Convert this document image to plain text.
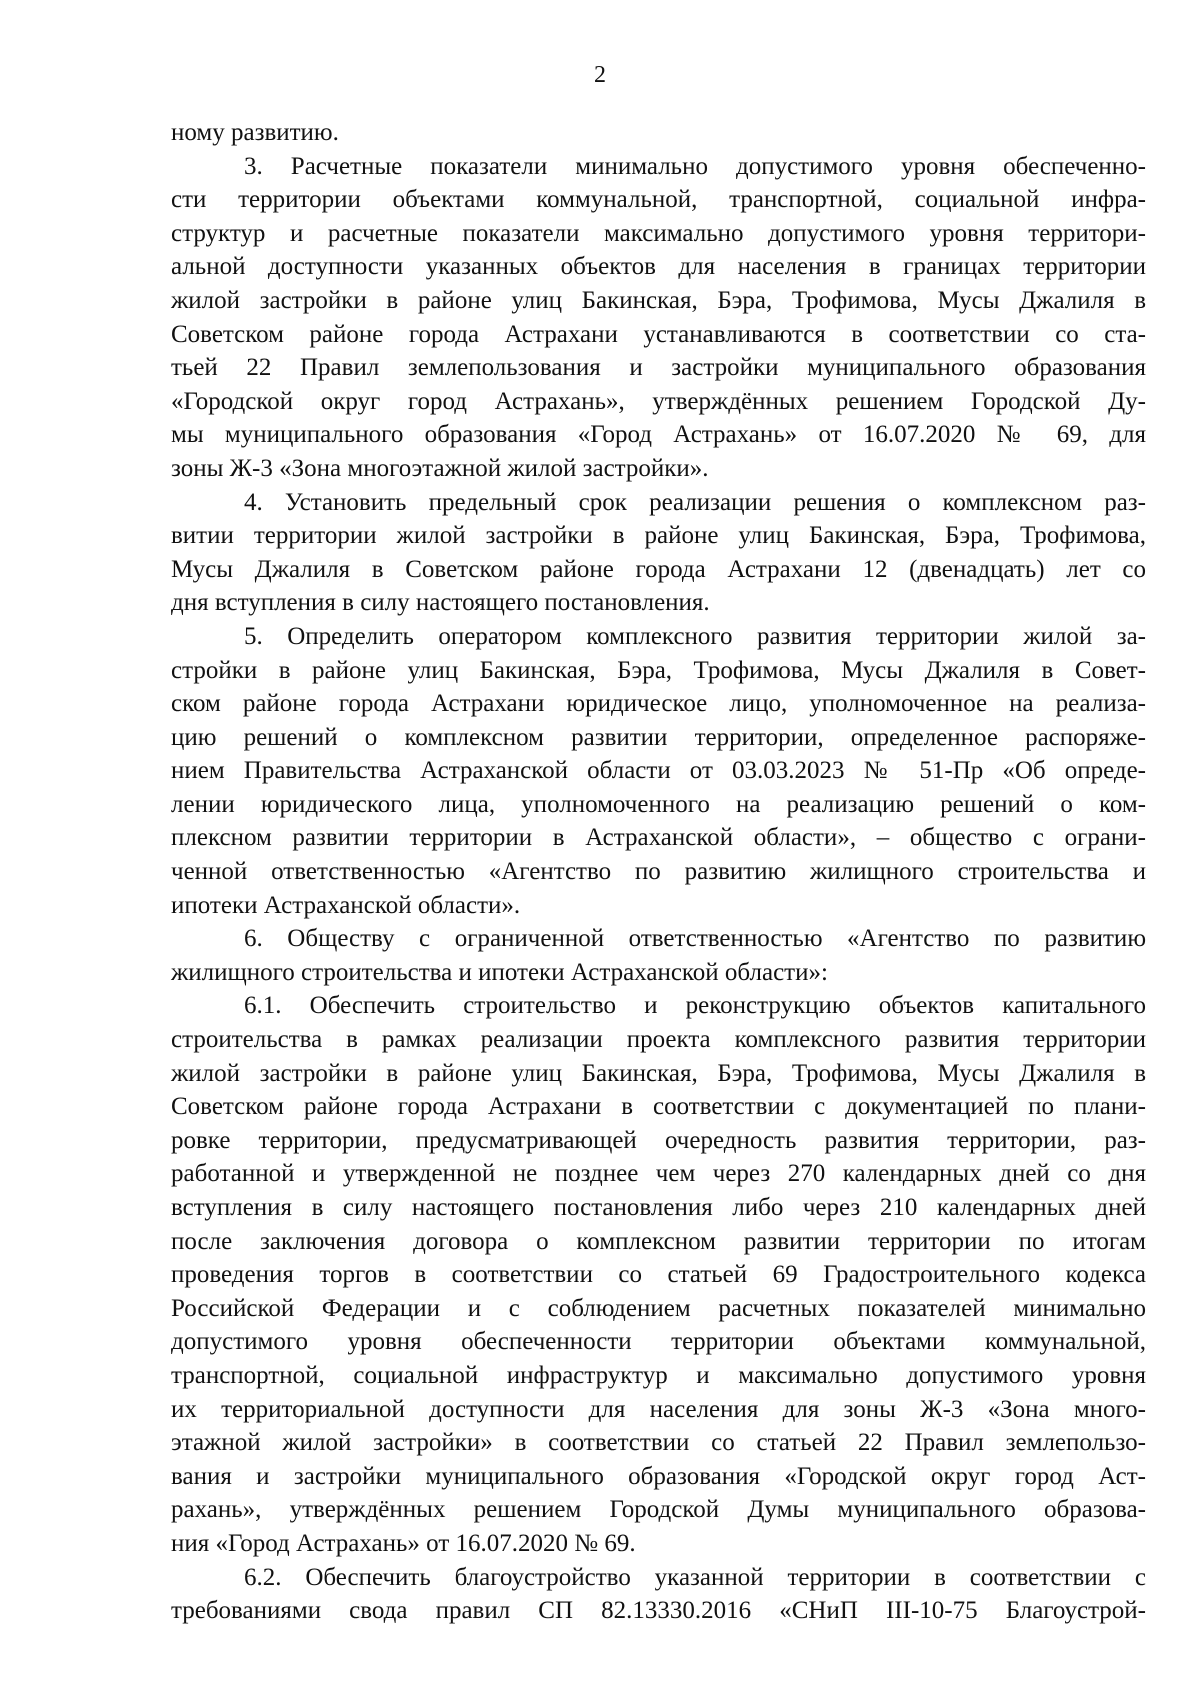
2
ному развитию.
3. Расчетные показатели минимально допустимого уровня обеспеченно-
сти территории объектами коммунальной, транспортной, социальной инфра-
структур и расчетные показатели максимально допустимого уровня территори-
альной доступности указанных объектов для населения в границах территории
жилой застройки в районе улиц Бакинская, Бэра, Трофимова, Мусы Джалиля в
Советском районе города Астрахани устанавливаются в соответствии со ста-
тьей 22 Правил землепользования и застройки муниципального образования
«Городской округ город Астрахань», утверждённых решением Городской Ду-
мы муниципального образования «Город Астрахань» от 16.07.2020 № 69, для
зоны Ж-3 «Зона многоэтажной жилой застройки».
4. Установить предельный срок реализации решения о комплексном раз-
витии территории жилой застройки в районе улиц Бакинская, Бэра, Трофимова,
Мусы Джалиля в Советском районе города Астрахани 12 (двенадцать) лет со
дня вступления в силу настоящего постановления.
5. Определить оператором комплексного развития территории жилой за-
стройки в районе улиц Бакинская, Бэра, Трофимова, Мусы Джалиля в Совет-
ском районе города Астрахани юридическое лицо, уполномоченное на реализа-
цию решений о комплексном развитии территории, определенное распоряже-
нием Правительства Астраханской области от 03.03.2023 № 51-Пр «Об опреде-
лении юридического лица, уполномоченного на реализацию решений о ком-
плексном развитии территории в Астраханской области», – общество с ограни-
ченной ответственностью «Агентство по развитию жилищного строительства и
ипотеки Астраханской области».
6. Обществу с ограниченной ответственностью «Агентство по развитию
жилищного строительства и ипотеки Астраханской области»:
6.1. Обеспечить строительство и реконструкцию объектов капитального
строительства в рамках реализации проекта комплексного развития территории
жилой застройки в районе улиц Бакинская, Бэра, Трофимова, Мусы Джалиля в
Советском районе города Астрахани в соответствии с документацией по плани-
ровке территории, предусматривающей очередность развития территории, раз-
работанной и утвержденной не позднее чем через 270 календарных дней со дня
вступления в силу настоящего постановления либо через 210 календарных дней
после заключения договора о комплексном развитии территории по итогам
проведения торгов в соответствии со статьей 69 Градостроительного кодекса
Российской Федерации и с соблюдением расчетных показателей минимально
допустимого уровня обеспеченности территории объектами коммунальной,
транспортной, социальной инфраструктур и максимально допустимого уровня
их территориальной доступности для населения для зоны Ж-3 «Зона много-
этажной жилой застройки» в соответствии со статьей 22 Правил землепользо-
вания и застройки муниципального образования «Городской округ город Аст-
рахань», утверждённых решением Городской Думы муниципального образова-
ния «Город Астрахань» от 16.07.2020 № 69.
6.2. Обеспечить благоустройство указанной территории в соответствии с
требованиями свода правил СП 82.13330.2016 «СНиП III-10-75 Благоустрой-
